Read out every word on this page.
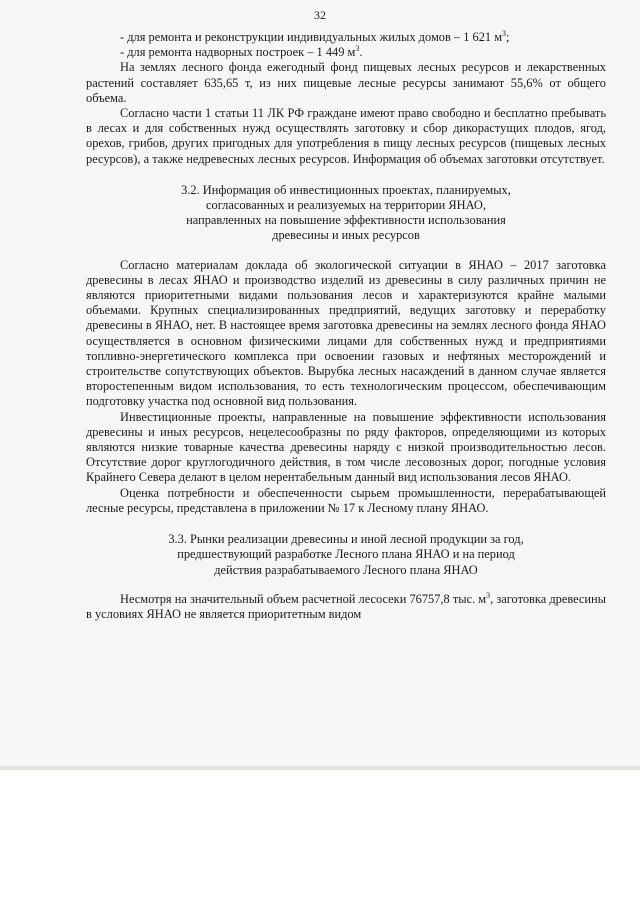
32

- для ремонта и реконструкции индивидуальных жилых домов – 1 621 $м^3$;

- для ремонта надворных построек – 1 449 $м^3$.

На землях лесного фонда ежегодный фонд пищевых лесных ресурсов и лекарственных растений составляет 635,65 т, из них пищевые лесные ресурсы занимают 55,6% от общего объема.

Согласно части 1 статьи 11 ЛК РФ граждане имеют право свободно и бесплатно пребывать в лесах и для собственных нужд осуществлять заготовку и сбор дикорастущих плодов, ягод, орехов, грибов, других пригодных для употребления в пищу лесных ресурсов (пищевых лесных ресурсов), а также недревесных лесных ресурсов. Информация об объемах заготовки отсутствует.

3.2. Информация об инвестиционных проектах, планируемых,
согласованных и реализуемых на территории ЯНАО,
направленных на повышение эффективности использования
древесины и иных ресурсов

Согласно материалам доклада об экологической ситуации в ЯНАО – 2017 заготовка древесины в лесах ЯНАО и производство изделий из древесины в силу различных причин не являются приоритетными видами пользования лесов и характеризуются крайне малыми объемами. Крупных специализированных предприятий, ведущих заготовку и переработку древесины в ЯНАО, нет. В настоящее время заготовка древесины на землях лесного фонда ЯНАО осуществляется в основном физическими лицами для собственных нужд и предприятиями топливно-энергетического комплекса при освоении газовых и нефтяных месторождений и строительстве сопутствующих объектов. Вырубка лесных насаждений в данном случае является второстепенным видом использования, то есть технологическим процессом, обеспечивающим подготовку участка под основной вид пользования.

Инвестиционные проекты, направленные на повышение эффективности использования древесины и иных ресурсов, нецелесообразны по ряду факторов, определяющими из которых являются низкие товарные качества древесины наряду с низкой производительностью лесов. Отсутствие дорог круглогодичного действия, в том числе лесовозных дорог, погодные условия Крайнего Севера делают в целом нерентабельным данный вид использования лесов ЯНАО.

Оценка потребности и обеспеченности сырьем промышленности, перерабатывающей лесные ресурсы, представлена в приложении № 17 к Лесному плану ЯНАО.

3.3. Рынки реализации древесины и иной лесной продукции за год,
предшествующий разработке Лесного плана ЯНАО и на период
действия разрабатываемого Лесного плана ЯНАО

Несмотря на значительный объем расчетной лесосеки 76757,8 тыс. $м^3$, заготовка древесины в условиях ЯНАО не является приоритетным видом
